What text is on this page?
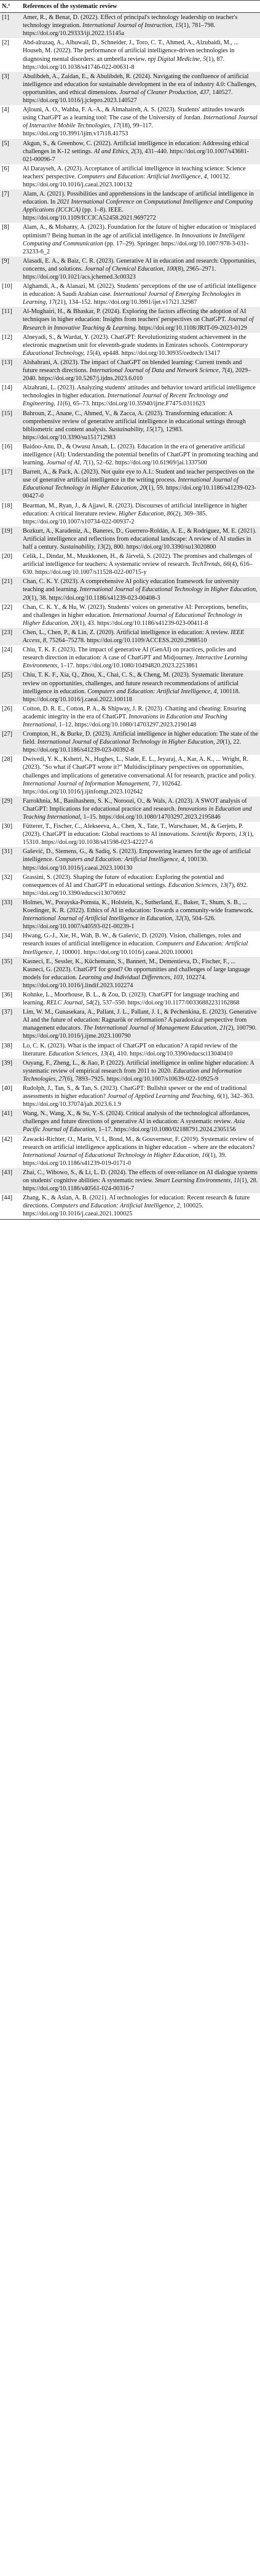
N.º	References of the systematic review
[1]	Amer, R., & Benat, D. (2022). Effect of principal's technology leadership on teacher's technology integration. International Journal of Instruction, 15(1), 781–798. https://doi.org/10.29333/iji.2022.15145a
[2]	Abd-alrazaq, A., Alhuwail, D., Schneider, J., Toro, C. T., Ahmed, A., Alzubaidi, M., ... Househ, M. (2022). The performance of artificial intelligence-driven technologies in diagnosing mental disorders: an umbrella review. npj Digital Medicine, 5(1), 87. https://doi.org/10.1038/s41746-022-00631-8
[3]	Abulibdeh, A., Zaidan, E., & Abulibdeh, R. (2024). Navigating the confluence of artificial intelligence and education for sustainable development in the era of industry 4.0: Challenges, opportunities, and ethical dimensions. Journal of Cleaner Production, 437, 140527. https://doi.org/10.1016/j.jclepro.2023.140527
[4]	Ajlouni, A. O., Wahba, F. A.-A., & Almahaireh, A. S. (2023). Students' attitudes towards using ChatGPT as a learning tool: The case of the University of Jordan. International Journal of Interactive Mobile Technologies, 17(18), 99–117. https://doi.org/10.3991/ijim.v17i18.41753
[5]	Akgun, S., & Greenhow, C. (2022). Artificial intelligence in education: Addressing ethical challenges in K-12 settings. AI and Ethics, 2(3), 431–440. https://doi.org/10.1007/s43681-021-00096-7
[6]	Al Darayseh, A. (2023). Acceptance of artificial intelligence in teaching science: Science teachers' perspective. Computers and Education: Artificial Intelligence, 4, 100132. https://doi.org/10.1016/j.caeai.2023.100132
[7]	Alam, A. (2021). Possibilities and apprehensions in the landscape of artificial intelligence in education. In 2021 International Conference on Computational Intelligence and Computing Applications (ICCICA) (pp. 1–8). IEEE. https://doi.org/10.1109/ICCICA52458.2021.9697272
[8]	Alam, A., & Mohanty, A. (2023). Foundation for the future of higher education or 'misplaced optimism'? Being human in the age of artificial intelligence. In Innovations in Intelligent Computing and Communication (pp. 17–29). Springer. https://doi.org/10.1007/978-3-031-23233-6_2
[9]	Alasadi, E. A., & Baiz, C. R. (2023). Generative AI in education and research: Opportunities, concerns, and solutions. Journal of Chemical Education, 100(8), 2965–2971. https://doi.org/10.1021/acs.jchemed.3c00323
[10]	Alghamdi, A., & Alanazi, M. (2022). Students' perceptions of the use of artificial intelligence in education: A Saudi Arabian case. International Journal of Emerging Technologies in Learning, 17(21), 134–152. https://doi.org/10.3991/ijet.v17i21.32987
[11]	Al-Mughairi, H., & Bhaskar, P. (2024). Exploring the factors affecting the adoption of AI techniques in higher education: Insights from teachers' perspectives on ChatGPT. Journal of Research in Innovative Teaching & Learning. https://doi.org/10.1108/JRIT-09-2023-0129
[12]	Alneyadi, S., & Wardat, Y. (2023). ChatGPT: Revolutionizing student achievement in the electronic magnetism unit for eleventh-grade students in Emirates schools. Contemporary Educational Technology, 15(4), ep448. https://doi.org/10.30935/cedtech/13417
[13]	Alshahrani, A. (2023). The impact of ChatGPT on blended learning: Current trends and future research directions. International Journal of Data and Network Science, 7(4), 2029–2040. https://doi.org/10.5267/j.ijdns.2023.6.010
[14]	Alzahrani, L. (2023). Analyzing students' attitudes and behavior toward artificial intelligence technologies in higher education. International Journal of Recent Technology and Engineering, 11(6), 65–73. https://doi.org/10.35940/ijrte.F7475.0311623
[15]	Bahroun, Z., Anane, C., Ahmed, V., & Zacca, A. (2023). Transforming education: A comprehensive review of generative artificial intelligence in educational settings through bibliometric and content analysis. Sustainability, 15(17), 12983. https://doi.org/10.3390/su151712983
[16]	Baidoo-Anu, D., & Owusu Ansah, L. (2023). Education in the era of generative artificial intelligence (AI): Understanding the potential benefits of ChatGPT in promoting teaching and learning. Journal of AI, 7(1), 52–62. https://doi.org/10.61969/jai.1337500
[17]	Barrett, A., & Pack, A. (2023). Not quite eye to A.I.: Student and teacher perspectives on the use of generative artificial intelligence in the writing process. International Journal of Educational Technology in Higher Education, 20(1), 59. https://doi.org/10.1186/s41239-023-00427-0
[18]	Bearman, M., Ryan, J., & Ajjawi, R. (2023). Discourses of artificial intelligence in higher education: A critical literature review. Higher Education, 86(2), 369–385. https://doi.org/10.1007/s10734-022-00937-2
[19]	Bozkurt, A., Karadeniz, A., Baneres, D., Guerrero-Roldán, A. E., & Rodríguez, M. E. (2021). Artificial intelligence and reflections from educational landscape: A review of AI studies in half a century. Sustainability, 13(2), 800. https://doi.org/10.3390/su13020800
[20]	Celik, I., Dindar, M., Muukkonen, H., & Järvelä, S. (2022). The promises and challenges of artificial intelligence for teachers: A systematic review of research. TechTrends, 66(4), 616–630. https://doi.org/10.1007/s11528-022-00715-y
[21]	Chan, C. K. Y. (2023). A comprehensive AI policy education framework for university teaching and learning. International Journal of Educational Technology in Higher Education, 20(1), 38. https://doi.org/10.1186/s41239-023-00408-3
[22]	Chan, C. K. Y., & Hu, W. (2023). Students' voices on generative AI: Perceptions, benefits, and challenges in higher education. International Journal of Educational Technology in Higher Education, 20(1), 43. https://doi.org/10.1186/s41239-023-00411-8
[23]	Chen, L., Chen, P., & Lin, Z. (2020). Artificial intelligence in education: A review. IEEE Access, 8, 75264–75278. https://doi.org/10.1109/ACCESS.2020.2988510
[24]	Chiu, T. K. F. (2023). The impact of generative AI (GenAI) on practices, policies and research direction in education: A case of ChatGPT and Midjourney. Interactive Learning Environments, 1–17. https://doi.org/10.1080/10494820.2023.2253861
[25]	Chiu, T. K. F., Xia, Q., Zhou, X., Chai, C. S., & Cheng, M. (2023). Systematic literature review on opportunities, challenges, and future research recommendations of artificial intelligence in education. Computers and Education: Artificial Intelligence, 4, 100118. https://doi.org/10.1016/j.caeai.2022.100118
[26]	Cotton, D. R. E., Cotton, P. A., & Shipway, J. R. (2023). Chatting and cheating: Ensuring academic integrity in the era of ChatGPT. Innovations in Education and Teaching International, 1–12. https://doi.org/10.1080/14703297.2023.2190148
[27]	Crompton, H., & Burke, D. (2023). Artificial intelligence in higher education: The state of the field. International Journal of Educational Technology in Higher Education, 20(1), 22. https://doi.org/10.1186/s41239-023-00392-8
[28]	Dwivedi, Y. K., Kshetri, N., Hughes, L., Slade, E. L., Jeyaraj, A., Kar, A. K., ... Wright, R. (2023). "So what if ChatGPT wrote it?" Multidisciplinary perspectives on opportunities, challenges and implications of generative conversational AI for research, practice and policy. International Journal of Information Management, 71, 102642. https://doi.org/10.1016/j.ijinfomgt.2023.102642
[29]	Farrokhnia, M., Banihashem, S. K., Noroozi, O., & Wals, A. (2023). A SWOT analysis of ChatGPT: Implications for educational practice and research. Innovations in Education and Teaching International, 1–15. https://doi.org/10.1080/14703297.2023.2195846
[30]	Fütterer, T., Fischer, C., Alekseeva, A., Chen, X., Tate, T., Warschauer, M., & Gerjets, P. (2023). ChatGPT in education: Global reactions to AI innovations. Scientific Reports, 13(1), 15310. https://doi.org/10.1038/s41598-023-42227-6
[31]	Gašević, D., Siemens, G., & Sadiq, S. (2023). Empowering learners for the age of artificial intelligence. Computers and Education: Artificial Intelligence, 4, 100130. https://doi.org/10.1016/j.caeai.2023.100130
[32]	Grassini, S. (2023). Shaping the future of education: Exploring the potential and consequences of AI and ChatGPT in educational settings. Education Sciences, 13(7), 692. https://doi.org/10.3390/educsci13070692
[33]	Holmes, W., Porayska-Pomsta, K., Holstein, K., Sutherland, E., Baker, T., Shum, S. B., ... Koedinger, K. R. (2022). Ethics of AI in education: Towards a community-wide framework. International Journal of Artificial Intelligence in Education, 32(3), 504–526. https://doi.org/10.1007/s40593-021-00239-1
[34]	Hwang, G.-J., Xie, H., Wah, B. W., & Gašević, D. (2020). Vision, challenges, roles and research issues of artificial intelligence in education. Computers and Education: Artificial Intelligence, 1, 100001. https://doi.org/10.1016/j.caeai.2020.100001
[35]	Kasneci, E., Sessler, K., Küchemann, S., Bannert, M., Dementieva, D., Fischer, F., ... Kasneci, G. (2023). ChatGPT for good? On opportunities and challenges of large language models for education. Learning and Individual Differences, 103, 102274. https://doi.org/10.1016/j.lindif.2023.102274
[36]	Kohnke, L., Moorhouse, B. L., & Zou, D. (2023). ChatGPT for language teaching and learning. RELC Journal, 54(2), 537–550. https://doi.org/10.1177/00336882231162868
[37]	Lim, W. M., Gunasekara, A., Pallant, J. L., Pallant, J. I., & Pechenkina, E. (2023). Generative AI and the future of education: Ragnarök or reformation? A paradoxical perspective from management educators. The International Journal of Management Education, 21(2), 100790. https://doi.org/10.1016/j.ijme.2023.100790
[38]	Lo, C. K. (2023). What is the impact of ChatGPT on education? A rapid review of the literature. Education Sciences, 13(4), 410. https://doi.org/10.3390/educsci13040410
[39]	Ouyang, F., Zheng, L., & Jiao, P. (2022). Artificial intelligence in online higher education: A systematic review of empirical research from 2011 to 2020. Education and Information Technologies, 27(6), 7893–7925. https://doi.org/10.1007/s10639-022-10925-9
[40]	Rudolph, J., Tan, S., & Tan, S. (2023). ChatGPT: Bullshit spewer or the end of traditional assessments in higher education? Journal of Applied Learning and Teaching, 6(1), 342–363. https://doi.org/10.37074/jalt.2023.6.1.9
[41]	Wang, N., Wang, X., & Su, Y.-S. (2024). Critical analysis of the technological affordances, challenges and future directions of generative AI in education: A systematic review. Asia Pacific Journal of Education, 1–17. https://doi.org/10.1080/02188791.2024.2305156
[42]	Zawacki-Richter, O., Marín, V. I., Bond, M., & Gouverneur, F. (2019). Systematic review of research on artificial intelligence applications in higher education – where are the educators? International Journal of Educational Technology in Higher Education, 16(1), 39. https://doi.org/10.1186/s41239-019-0171-0
[43]	Zhai, C., Wibowo, S., & Li, L. D. (2024). The effects of over-reliance on AI dialogue systems on students' cognitive abilities: A systematic review. Smart Learning Environments, 11(1), 28. https://doi.org/10.1186/s40561-024-00316-7
[44]	Zhang, K., & Aslan, A. B. (2021). AI technologies for education: Recent research & future directions. Computers and Education: Artificial Intelligence, 2, 100025. https://doi.org/10.1016/j.caeai.2021.100025
